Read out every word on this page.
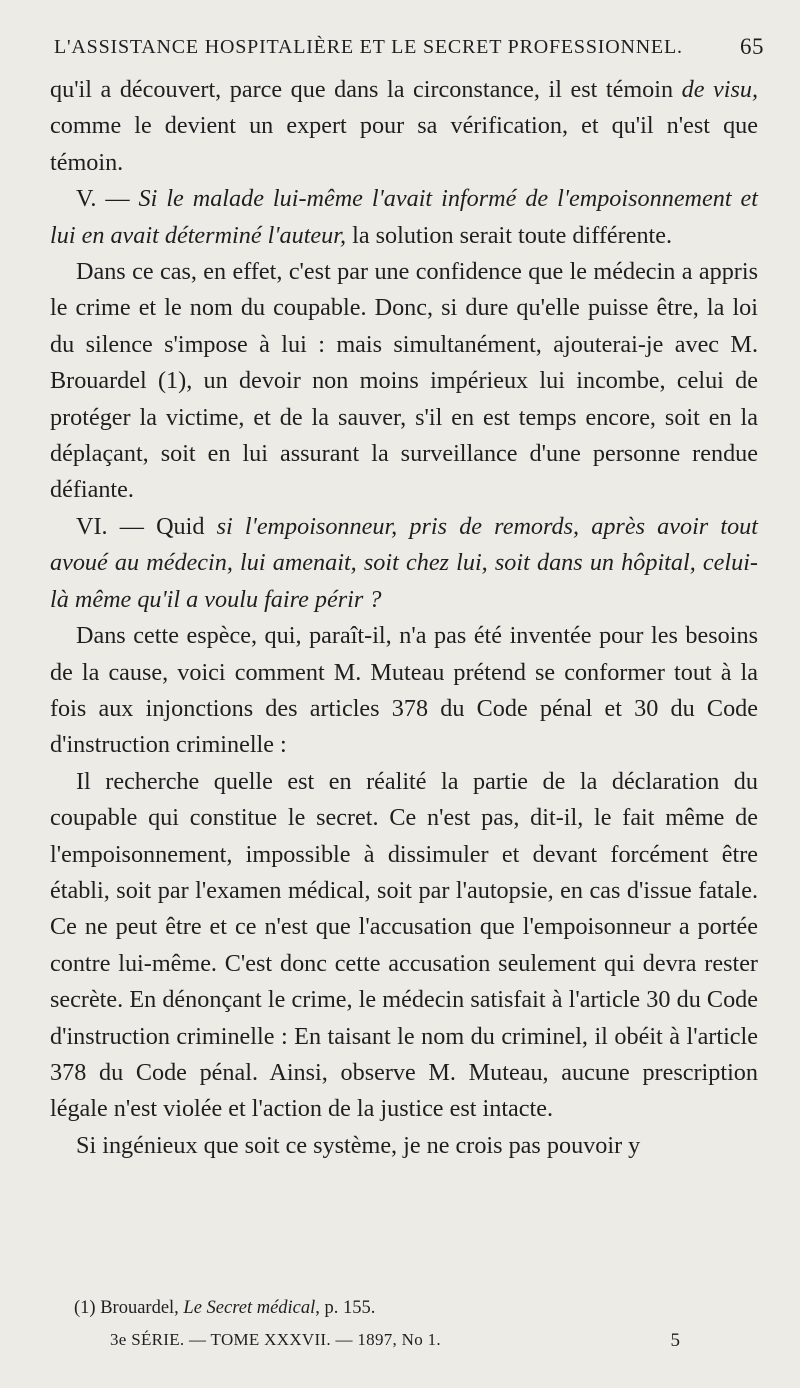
L'ASSISTANCE HOSPITALIÈRE ET LE SECRET PROFESSIONNEL. 65

qu'il a découvert, parce que dans la circonstance, il est témoin de visu, comme le devient un expert pour sa vérification, et qu'il n'est que témoin.

V. — Si le malade lui-même l'avait informé de l'empoisonnement et lui en avait déterminé l'auteur, la solution serait toute différente.

Dans ce cas, en effet, c'est par une confidence que le médecin a appris le crime et le nom du coupable. Donc, si dure qu'elle puisse être, la loi du silence s'impose à lui : mais simultanément, ajouterai-je avec M. Brouardel (1), un devoir non moins impérieux lui incombe, celui de protéger la victime, et de la sauver, s'il en est temps encore, soit en la déplaçant, soit en lui assurant la surveillance d'une personne rendue défiante.

VI. — Quid si l'empoisonneur, pris de remords, après avoir tout avoué au médecin, lui amenait, soit chez lui, soit dans un hôpital, celui-là même qu'il a voulu faire périr ?

Dans cette espèce, qui, paraît-il, n'a pas été inventée pour les besoins de la cause, voici comment M. Muteau prétend se conformer tout à la fois aux injonctions des articles 378 du Code pénal et 30 du Code d'instruction criminelle :

Il recherche quelle est en réalité la partie de la déclaration du coupable qui constitue le secret. Ce n'est pas, dit-il, le fait même de l'empoisonnement, impossible à dissimuler et devant forcément être établi, soit par l'examen médical, soit par l'autopsie, en cas d'issue fatale. Ce ne peut être et ce n'est que l'accusation que l'empoisonneur a portée contre lui-même. C'est donc cette accusation seulement qui devra rester secrète. En dénonçant le crime, le médecin satisfait à l'article 30 du Code d'instruction criminelle : En taisant le nom du criminel, il obéit à l'article 378 du Code pénal. Ainsi, observe M. Muteau, aucune prescription légale n'est violée et l'action de la justice est intacte.

Si ingénieux que soit ce système, je ne crois pas pouvoir y

(1) Brouardel, Le Secret médical, p. 155.
3e SÉRIE. — TOME XXXVII. — 1897, No 1.	5
